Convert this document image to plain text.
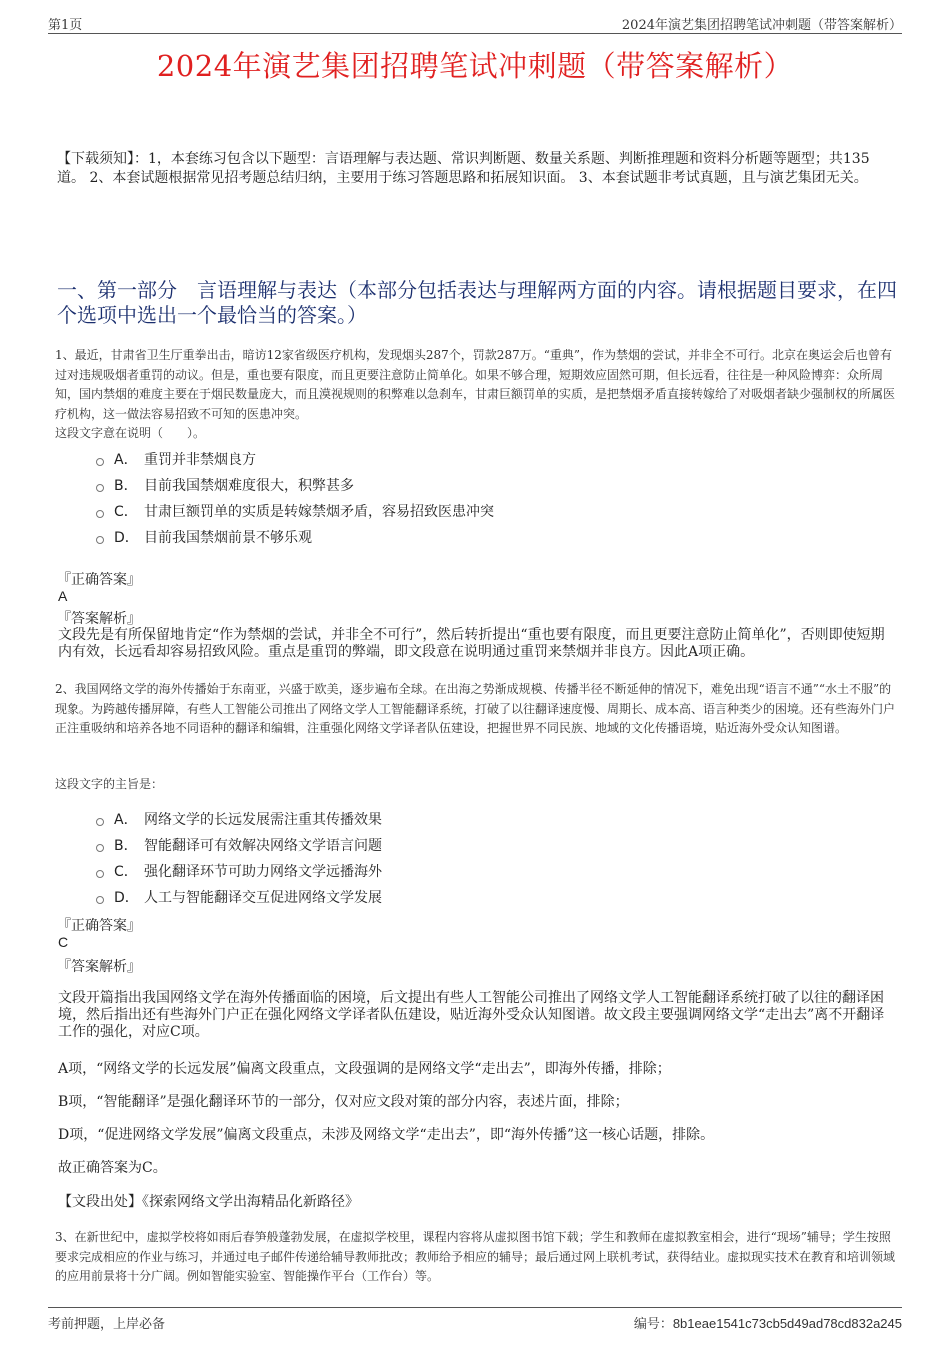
第1页	2024年演艺集团招聘笔试冲刺题（带答案解析）
2024年演艺集团招聘笔试冲刺题（带答案解析）
【下载须知】：1，本套练习包含以下题型：言语理解与表达题、常识判断题、数量关系题、判断推理题和资料分析题等题型；共135道。 2、本套试题根据常见招考题总结归纳，主要用于练习答题思路和拓展知识面。 3、本套试题非考试真题，且与演艺集团无关。
一、第一部分　言语理解与表达（本部分包括表达与理解两方面的内容。请根据题目要求，在四个选项中选出一个最恰当的答案。）
1、最近，甘肃省卫生厅重拳出击，暗访12家省级医疗机构，发现烟头287个，罚款287万。“重典”，作为禁烟的尝试，并非全不可行。北京在奥运会后也曾有过对违规吸烟者重罚的动议。但是，重也要有限度，而且更要注意防止简单化。如果不够合理，短期效应固然可期，但长远看，往往是一种风险博弈：众所周知，国内禁烟的难度主要在于烟民数量庞大，而且漠视规则的积弊难以急刹车，甘肃巨额罚单的实质，是把禁烟矛盾直接转嫁给了对吸烟者缺少强制权的所属医疗机构，这一做法容易招致不可知的医患冲突。
这段文字意在说明（　　）。
A． 重罚并非禁烟良方
B． 目前我国禁烟难度很大，积弊甚多
C． 甘肃巨额罚单的实质是转嫁禁烟矛盾，容易招致医患冲突
D． 目前我国禁烟前景不够乐观
『正确答案』
A
『答案解析』
文段先是有所保留地肯定“作为禁烟的尝试，并非全不可行”，然后转折提出“重也要有限度，而且更要注意防止简单化”，否则即使短期内有效，长远看却容易招致风险。重点是重罚的弊端，即文段意在说明通过重罚来禁烟并非良方。因此A项正确。
2、我国网络文学的海外传播始于东南亚，兴盛于欧美，逐步遍布全球。在出海之势渐成规模、传播半径不断延伸的情况下，难免出现“语言不通”“水土不服”的现象。为跨越传播屏障，有些人工智能公司推出了网络文学人工智能翻译系统，打破了以往翻译速度慢、周期长、成本高、语言种类少的困境。还有些海外门户正注重吸纳和培养各地不同语种的翻译和编辑，注重强化网络文学译者队伍建设，把握世界不同民族、地域的文化传播语境，贴近海外受众认知图谱。
这段文字的主旨是：
A． 网络文学的长远发展需注重其传播效果
B． 智能翻译可有效解决网络文学语言问题
C． 强化翻译环节可助力网络文学远播海外
D． 人工与智能翻译交互促进网络文学发展
『正确答案』
C
『答案解析』
文段开篇指出我国网络文学在海外传播面临的困境，后文提出有些人工智能公司推出了网络文学人工智能翻译系统打破了以往的翻译困境，然后指出还有些海外门户正在强化网络文学译者队伍建设，贴近海外受众认知图谱。故文段主要强调网络文学“走出去”离不开翻译工作的强化，对应C项。
A项，“网络文学的长远发展”偏离文段重点，文段强调的是网络文学“走出去”，即海外传播，排除；
B项，“智能翻译”是强化翻译环节的一部分，仅对应文段对策的部分内容，表述片面，排除；
D项，“促进网络文学发展”偏离文段重点，未涉及网络文学“走出去”，即“海外传播”这一核心话题，排除。
故正确答案为C。
【文段出处】《探索网络文学出海精品化新路径》
3、在新世纪中，虚拟学校将如雨后春笋般蓬勃发展，在虚拟学校里，课程内容将从虚拟图书馆下载；学生和教师在虚拟教室相会，进行“现场”辅导；学生按照要求完成相应的作业与练习，并通过电子邮件传递给辅导教师批改；教师给予相应的辅导；最后通过网上联机考试，获得结业。虚拟现实技术在教育和培训领域的应用前景将十分广阔。例如智能实验室、智能操作平台（工作台）等。
考前押题，上岸必备	编号：8b1eae1541c73cb5d49ad78cd832a245
